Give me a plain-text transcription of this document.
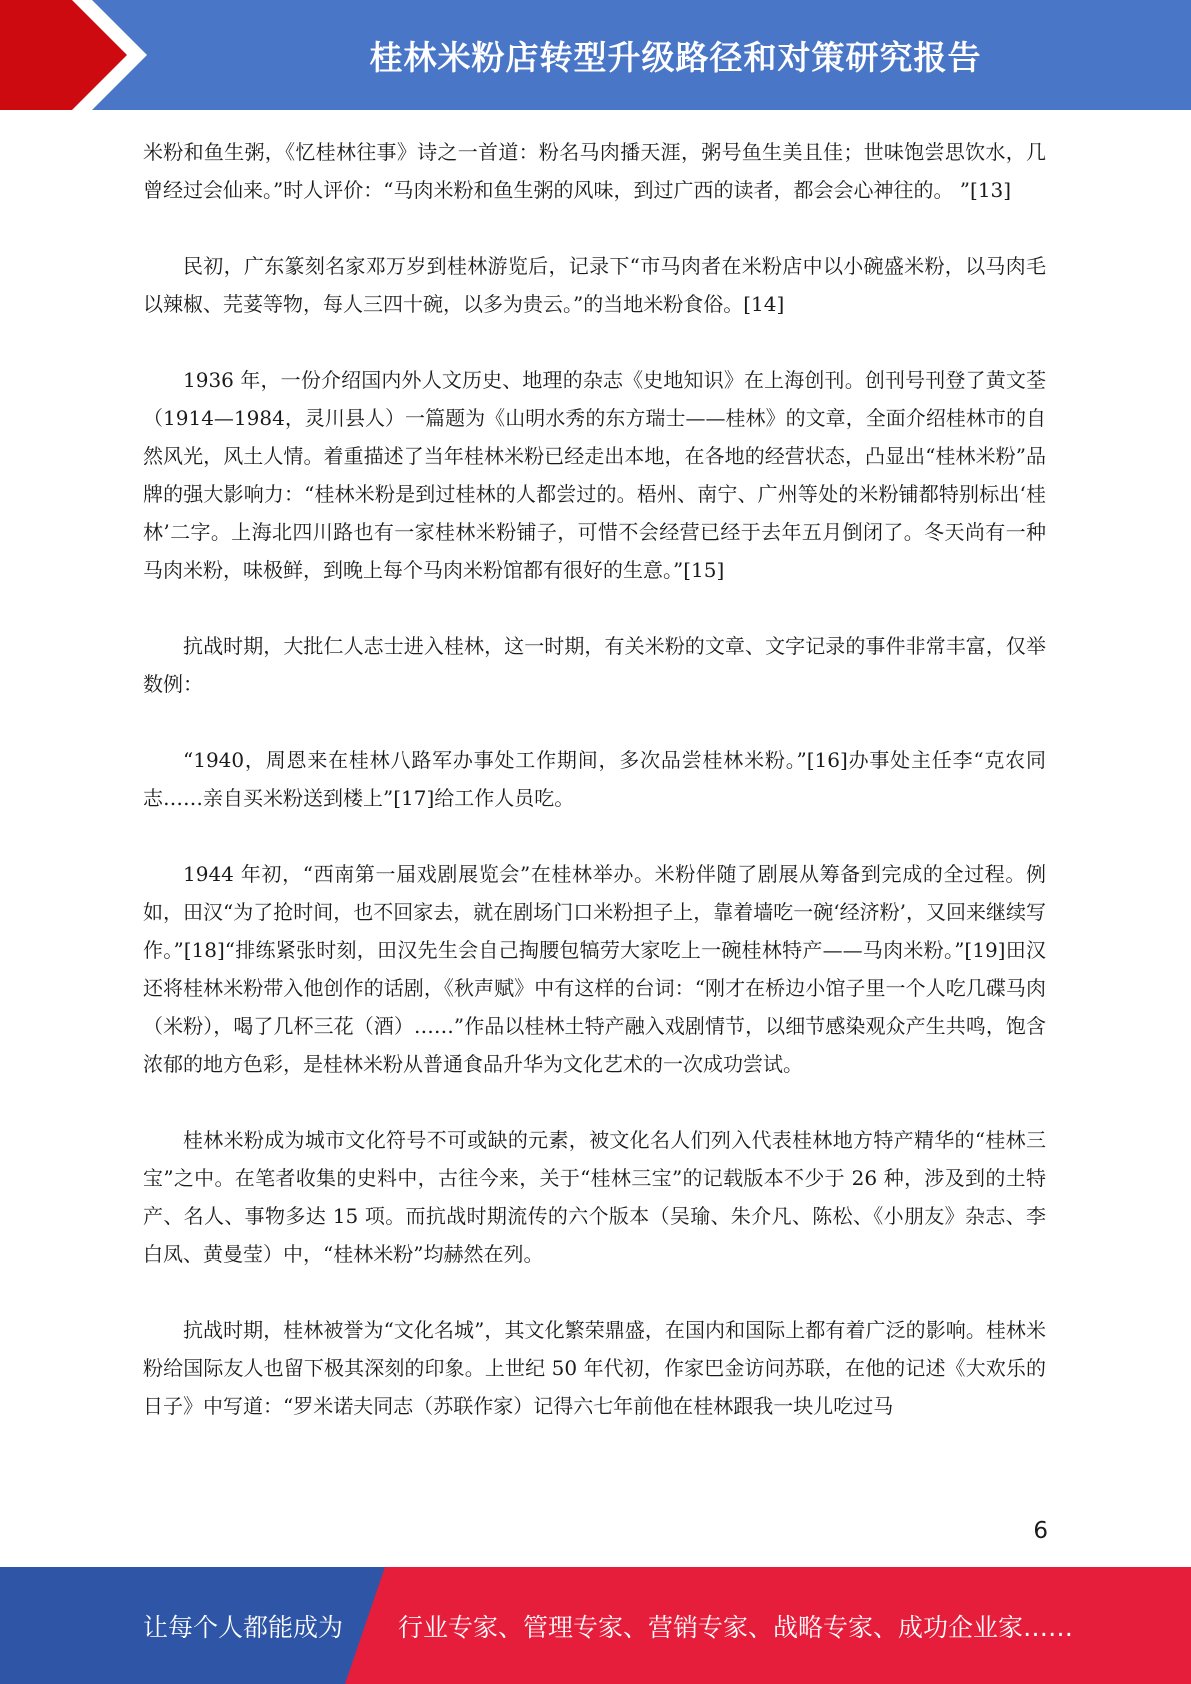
桂林米粉店转型升级路径和对策研究报告

米粉和鱼生粥，《忆桂林往事》诗之一首道：粉名马肉播天涯，粥号鱼生美且佳；世味饱尝思饮水，几曾经过会仙来。”时人评价：“马肉米粉和鱼生粥的风味，到过广西的读者，都会会心神往的。 ”[13]

民初，广东篆刻名家邓万岁到桂林游览后，记录下“市马肉者在米粉店中以小碗盛米粉，以马肉毛以辣椒、芫荽等物，每人三四十碗，以多为贵云。”的当地米粉食俗。[14]

1936 年，一份介绍国内外人文历史、地理的杂志《史地知识》在上海创刊。创刊号刊登了黄文荃（1914—1984，灵川县人）一篇题为《山明水秀的东方瑞士——桂林》的文章，全面介绍桂林市的自然风光，风土人情。着重描述了当年桂林米粉已经走出本地，在各地的经营状态，凸显出“桂林米粉”品牌的强大影响力：“桂林米粉是到过桂林的人都尝过的。梧州、南宁、广州等处的米粉铺都特别标出‘桂林’二字。上海北四川路也有一家桂林米粉铺子，可惜不会经营已经于去年五月倒闭了。冬天尚有一种马肉米粉，味极鲜，到晚上每个马肉米粉馆都有很好的生意。”[15]

抗战时期，大批仁人志士进入桂林，这一时期，有关米粉的文章、文字记录的事件非常丰富，仅举数例：

“1940，周恩来在桂林八路军办事处工作期间，多次品尝桂林米粉。”[16]办事处主任李“克农同志……亲自买米粉送到楼上”[17]给工作人员吃。

1944 年初，“西南第一届戏剧展览会”在桂林举办。米粉伴随了剧展从筹备到完成的全过程。例如，田汉“为了抢时间，也不回家去，就在剧场门口米粉担子上，靠着墙吃一碗‘经济粉’，又回来继续写作。”[18]“排练紧张时刻，田汉先生会自己掏腰包犒劳大家吃上一碗桂林特产——马肉米粉。”[19]田汉还将桂林米粉带入他创作的话剧，《秋声赋》中有这样的台词：“刚才在桥边小馆子里一个人吃几碟马肉（米粉），喝了几杯三花（酒）……”作品以桂林土特产融入戏剧情节，以细节感染观众产生共鸣，饱含浓郁的地方色彩，是桂林米粉从普通食品升华为文化艺术的一次成功尝试。

桂林米粉成为城市文化符号不可或缺的元素，被文化名人们列入代表桂林地方特产精华的“桂林三宝”之中。在笔者收集的史料中，古往今来，关于“桂林三宝”的记载版本不少于 26 种，涉及到的土特产、名人、事物多达 15 项。而抗战时期流传的六个版本（吴瑜、朱介凡、陈松、《小朋友》杂志、李白凤、黄曼莹）中，“桂林米粉”均赫然在列。

抗战时期，桂林被誉为“文化名城”，其文化繁荣鼎盛，在国内和国际上都有着广泛的影响。桂林米粉给国际友人也留下极其深刻的印象。上世纪 50 年代初，作家巴金访问苏联，在他的记述《大欢乐的日子》中写道：“罗米诺夫同志（苏联作家）记得六七年前他在桂林跟我一块儿吃过马

6
让每个人都能成为 行业专家、管理专家、营销专家、战略专家、成功企业家……
